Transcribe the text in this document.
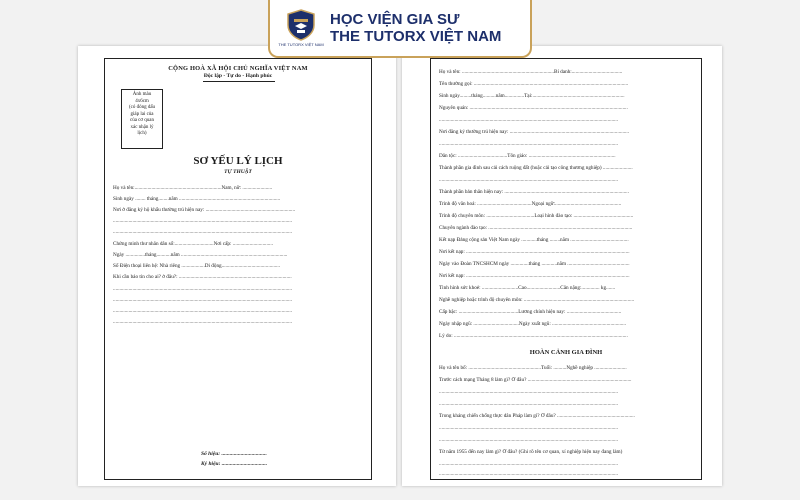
THE TUTORX VIỆT NAM
HỌC VIỆN GIA SƯ
THE TUTORX VIỆT NAM
CỘNG HOÀ XÃ HỘI CHỦ NGHĨA VIỆT NAM
Độc lập - Tự do - Hạnh phúc
Ảnh màu
4x6cm
(có đóng dấu
giáp lai của
của cơ quan
xác nhận lý
lịch)
SƠ YẾU LÝ LỊCH
TỰ THUẬT
Họ và tên:...................................................................Nam, nữ: .......................
Sinh ngày ........ tháng........năm ..............................................................................
Nơi ở đăng ký hộ khẩu thường trú hiện nay: .....................................................................
..........................................................................................................................................
..........................................................................................................................................
Chứng minh thư nhân dân số:..............................Nơi cấp: ...............................
Ngày ...............tháng...........năm ..................................................................................
Số Điện thoại liên hệ: Nhà riêng ..................Di động.............................................
Khi cần báo tin cho ai? ở đâu?: .......................................................................................
..........................................................................................................................................
..........................................................................................................................................
..........................................................................................................................................
..........................................................................................................................................
Số hiệu: .................................
Ký hiệu: .................................
Họ và tên: .......................................................................Bí danh:.......................................
Tên thường gọi: .......................................................................................................................
Sinh ngày.........tháng..........năm...............Tại:.......................................................................
Nguyên quán: ..........................................................................................................................
..........................................................................................................................................
Nơi đăng ký thường trú hiện nay: ............................................................................................
..........................................................................................................................................
Dân tộc: ......................................Tôn giáo: ...................................................................
Thành phần gia đình sau cải cách ruộng đất (hoặc cải tạo công thương nghiệp) .......................
..........................................................................................................................................
Thành phần bản thân hiện nay: ................................................................................................
Trình độ văn hoá: ..........................................Ngoại ngữ:...................................................
Trình độ chuyên môn: .....................................Loại hình đào tạo: ..............................................
Chuyên ngành đào tạo: ...............................................................................................................
Kết nạp Đảng cộng sản Việt Nam ngày ............tháng ........năm .............................................
Nơi kết nạp: ..............................................................................................................................
Ngày vào Đoàn TNCSHCM ngày ..............tháng ............năm ................................................
Nơi kết nạp: ..............................................................................................................................
Tình hình sức khoẻ: ............................Cao..........................Cân nặng:.............. kg.......
Nghề nghiệp hoặc trình độ chuyên môn: .....................................................................................
Cấp bậc: ..............................................Lương chính hiện nay: ..........................................
Ngày nhập ngũ: ...................................Ngày xuất ngũ: .........................................................
Lý do: ......................................................................................................................................
HOÀN CẢNH GIA ĐÌNH
Họ và tên bố: ........................................................Tuổi: ..........Nghề nghiệp .........................
Trước cách mạng Tháng 8 làm gì? Ở đâu? ................................................................................
..........................................................................................................................................
..........................................................................................................................................
Trong kháng chiến chống thực dân Pháp làm gì? Ở đâu? ............................................................
..........................................................................................................................................
..........................................................................................................................................
Từ năm 1955 đến nay làm gì? Ở đâu? (Ghi rõ tên cơ quan, xí nghiệp hiện nay đang làm)
..........................................................................................................................................
..........................................................................................................................................
